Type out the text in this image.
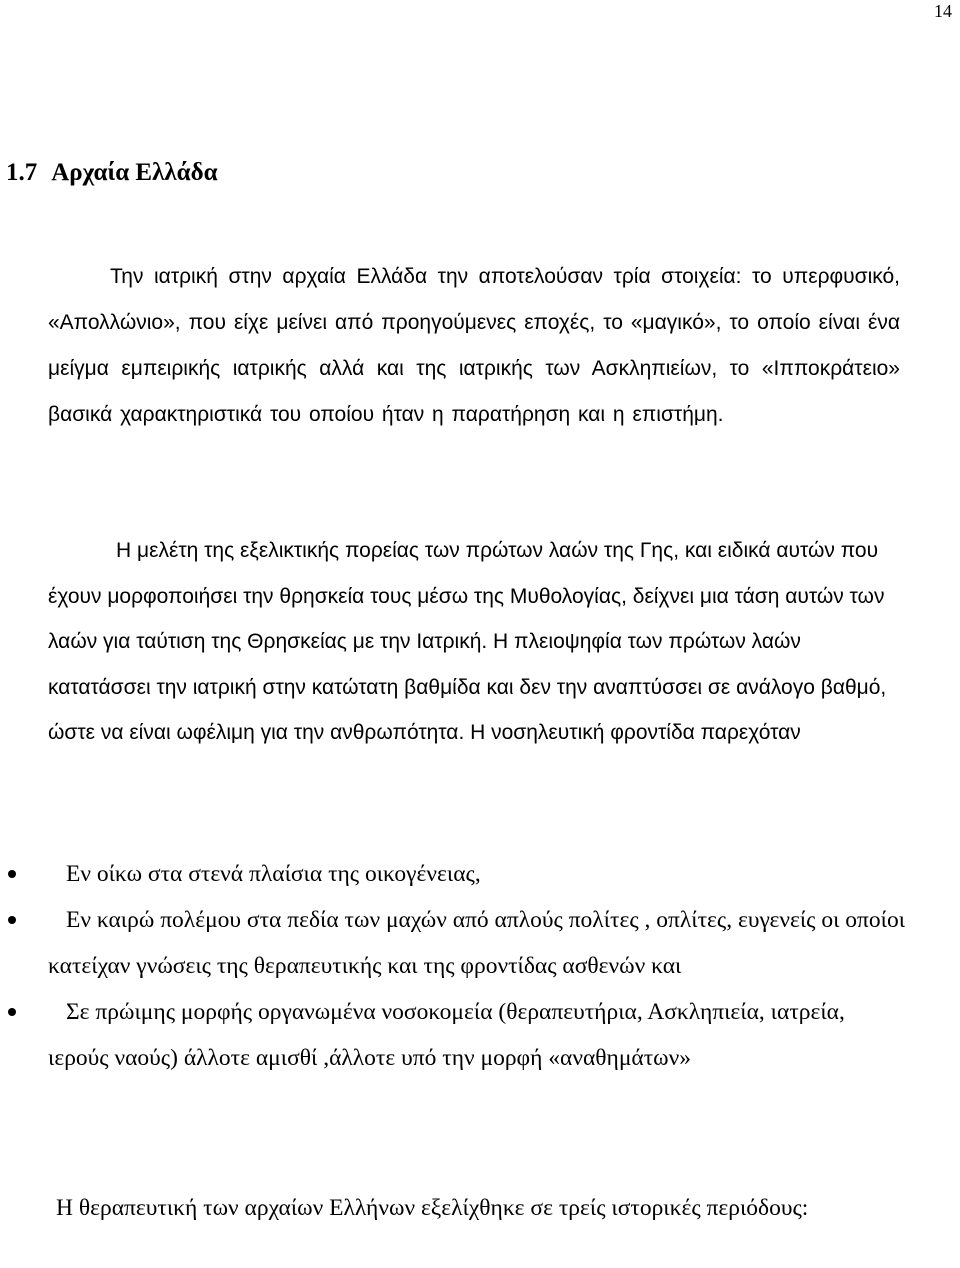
14
1.7 Αρχαία Ελλάδα

Την ιατρική στην αρχαία Ελλάδα την αποτελούσαν τρία στοιχεία: το υπερφυσικό, «Απολλώνιο», που είχε μείνει από προηγούμενες εποχές, το «μαγικό», το οποίο είναι ένα μείγμα εμπειρικής ιατρικής αλλά και της ιατρικής των Ασκληπιείων, το «Ιπποκράτειο» βασικά χαρακτηριστικά του οποίου ήταν η παρατήρηση και η επιστήμη.

Η μελέτη της εξελικτικής πορείας των πρώτων λαών της Γης, και ειδικά αυτών που έχουν μορφοποιήσει την θρησκεία τους μέσω της Μυθολογίας, δείχνει μια τάση αυτών των λαών για ταύτιση της Θρησκείας με την Ιατρική. Η πλειοψηφία των πρώτων λαών κατατάσσει την ιατρική στην κατώτατη βαθμίδα και δεν την αναπτύσσει σε ανάλογο βαθμό, ώστε να είναι ωφέλιμη για την ανθρωπότητα. Η νοσηλευτική φροντίδα παρεχόταν

Εν οίκω στα στενά πλαίσια της οικογένειας,
Εν καιρώ πολέμου στα πεδία των μαχών από απλούς πολίτες , οπλίτες, ευγενείς οι οποίοι κατείχαν γνώσεις της θεραπευτικής και της φροντίδας ασθενών και
Σε πρώιμης μορφής οργανωμένα νοσοκομεία (θεραπευτήρια, Ασκληπιεία, ιατρεία, ιερούς ναούς) άλλοτε αμισθί ,άλλοτε υπό την μορφή «αναθημάτων»

Η θεραπευτική των αρχαίων Ελλήνων εξελίχθηκε σε τρείς ιστορικές περιόδους:
